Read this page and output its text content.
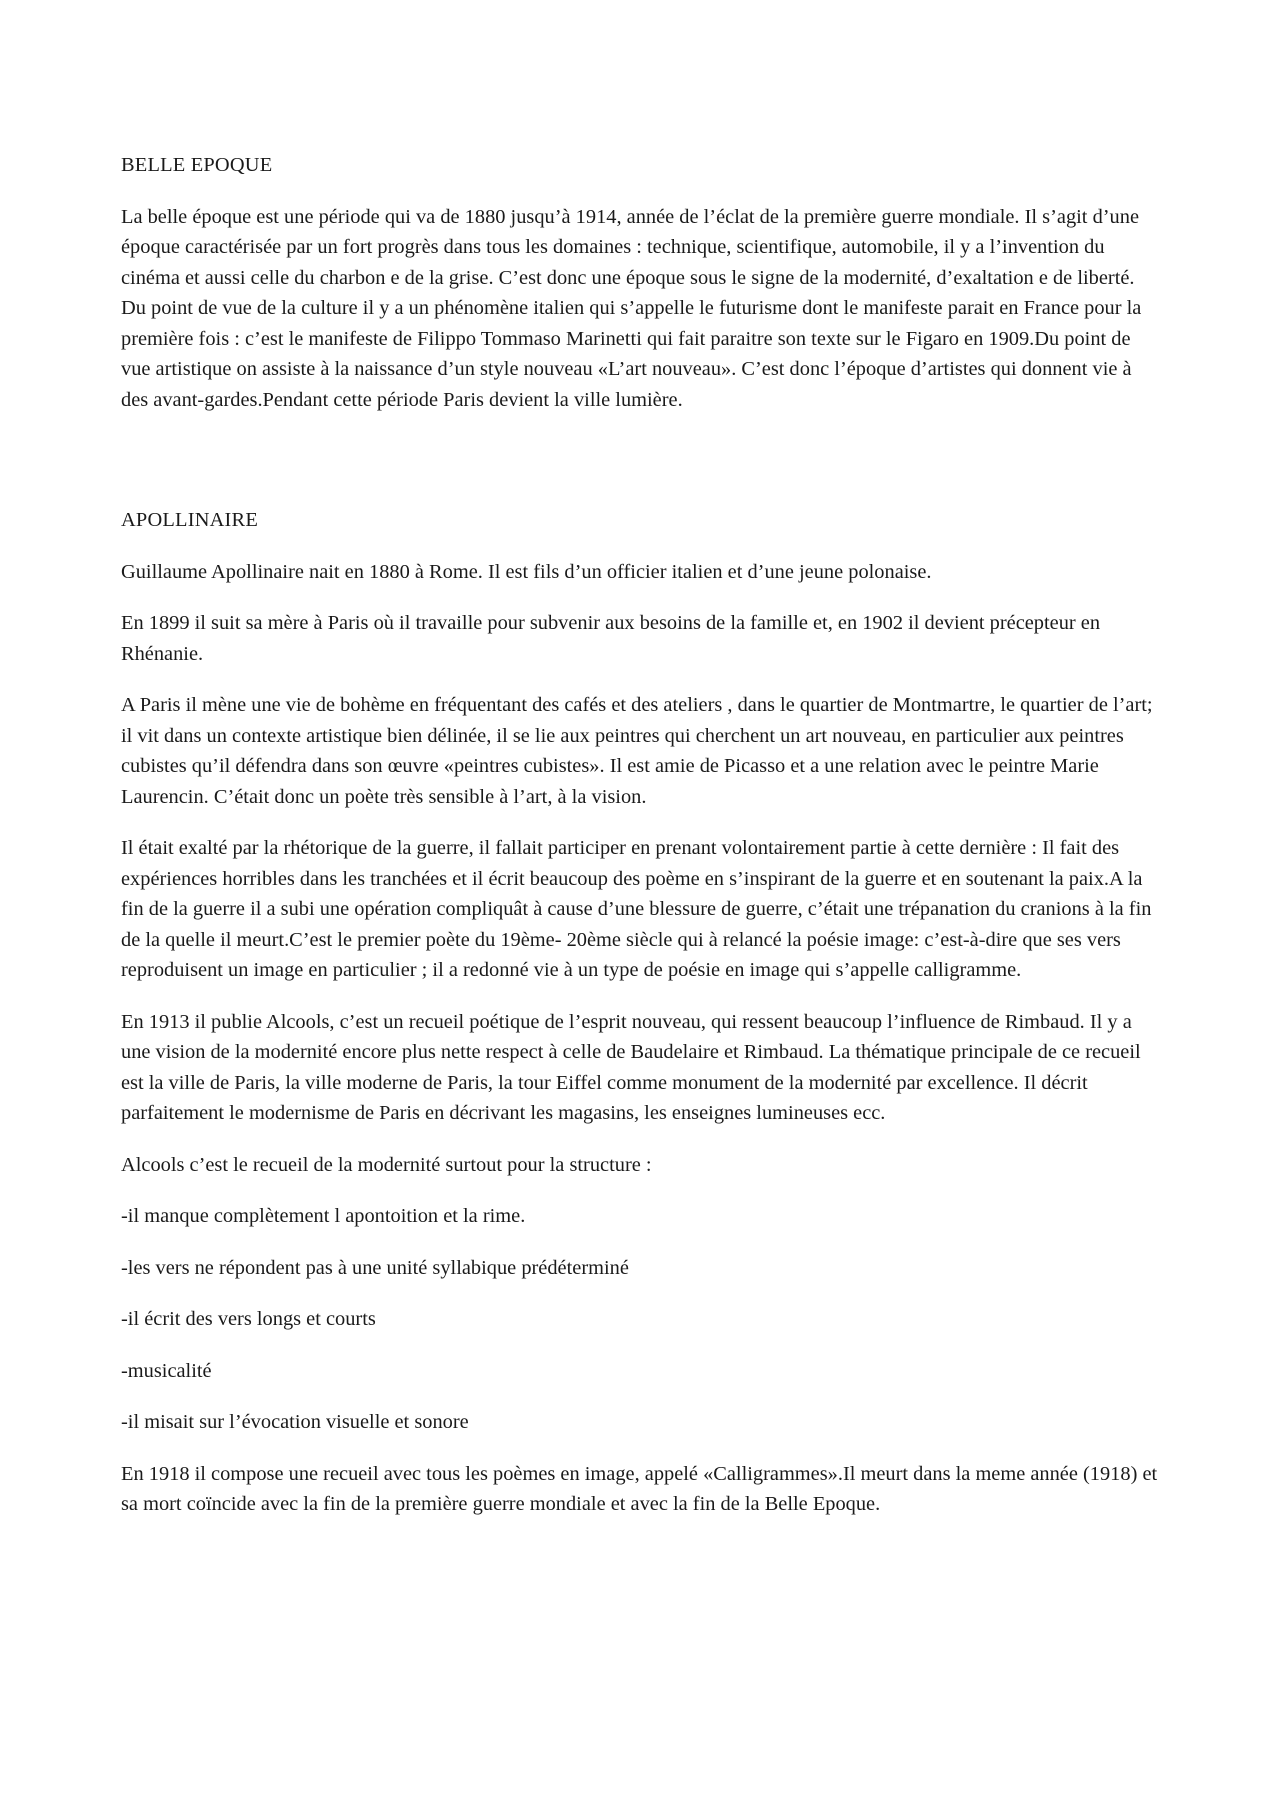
BELLE EPOQUE

La belle époque est une période qui va de 1880 jusqu’à 1914, année de l’éclat de la première guerre mondiale. Il s’agit d’une époque caractérisée par un fort progrès dans tous les domaines : technique, scientifique, automobile, il y a l’invention du cinéma et aussi celle du charbon e de la grise. C’est donc une époque sous le signe de la modernité, d’exaltation e de liberté. Du point de vue de la culture il y a un phénomène italien qui s’appelle le futurisme dont le manifeste parait en France pour la première fois : c’est le manifeste de Filippo Tommaso Marinetti qui fait paraitre son texte sur le Figaro en 1909.Du point de vue artistique on assiste à la naissance d’un style nouveau «L’art nouveau». C’est donc l’époque d’artistes qui donnent vie à des avant-gardes.Pendant cette période Paris devient la ville lumière.

APOLLINAIRE

Guillaume Apollinaire nait en 1880 à Rome. Il est fils d’un officier italien et d’une jeune polonaise.

En 1899 il suit sa mère à Paris où il travaille pour subvenir aux besoins de la famille et, en 1902 il devient précepteur en Rhénanie.

A Paris il mène une vie de bohème en fréquentant des cafés et des ateliers , dans le quartier de Montmartre, le quartier de l’art; il vit dans un contexte artistique bien délinée, il se lie aux peintres qui cherchent un art nouveau, en particulier aux peintres cubistes qu’il défendra dans son œuvre «peintres cubistes». Il est amie de Picasso et a une relation avec le peintre Marie Laurencin. C’était donc un poète très sensible à l’art, à la vision.

Il était exalté par la rhétorique de la guerre, il fallait participer en prenant volontairement partie à cette dernière : Il fait des expériences horribles dans les tranchées et il écrit beaucoup des poème en s’inspirant de la guerre et en soutenant la paix.A la fin de la guerre il a subi une opération compliquât à cause d’une blessure de guerre, c’était une trépanation du cranions à la fin de la quelle il meurt.C’est le premier poète du 19ème- 20ème siècle qui à relancé la poésie image: c’est-à-dire que ses vers reproduisent un image en particulier ; il a redonné vie à un type de poésie en image qui s’appelle calligramme.

En 1913 il publie Alcools, c’est un recueil poétique de l’esprit nouveau, qui ressent beaucoup l’influence de Rimbaud. Il y a une vision de la modernité encore plus nette respect à celle de Baudelaire et Rimbaud. La thématique principale de ce recueil est la ville de Paris, la ville moderne de Paris, la tour Eiffel comme monument de la modernité par excellence. Il décrit parfaitement le modernisme de Paris en décrivant les magasins, les enseignes lumineuses ecc.

Alcools c’est le recueil de la modernité surtout pour la structure :

-il manque complètement l apontoition et la rime.

-les vers ne répondent pas à une unité syllabique prédéterminé

-il écrit des vers longs et courts

-musicalité

-il misait sur l’évocation visuelle et sonore

En 1918 il compose une recueil avec tous les poèmes en image, appelé «Calligrammes».Il meurt dans la meme année (1918) et sa mort coïncide avec la fin de la première guerre mondiale et avec la fin de la Belle Epoque.
